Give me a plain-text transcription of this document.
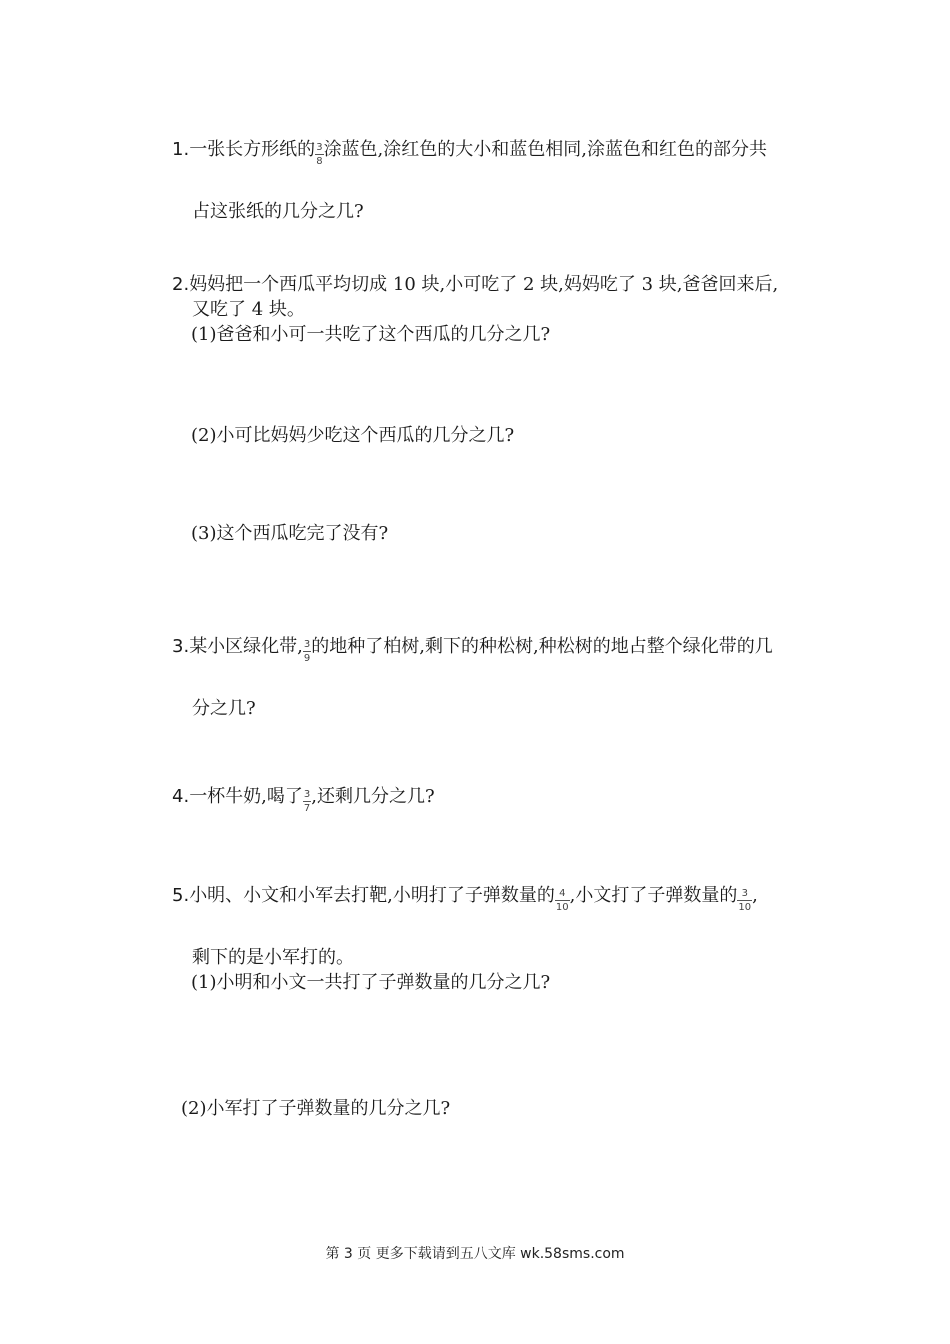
1.一张长方形纸的 $\frac{3}{8}$ 涂蓝色,涂红色的大小和蓝色相同,涂蓝色和红色的部分共
占这张纸的几分之几?
2.妈妈把一个西瓜平均切成 10 块,小可吃了 2 块,妈妈吃了 3 块,爸爸回来后,
又吃了 4 块。
(1)爸爸和小可一共吃了这个西瓜的几分之几?
(2)小可比妈妈少吃这个西瓜的几分之几?
(3)这个西瓜吃完了没有?
3.某小区绿化带, $\frac{3}{9}$ 的地种了柏树,剩下的种松树,种松树的地占整个绿化带的几
分之几?
4.一杯牛奶,喝了 $\frac{3}{7}$ ,还剩几分之几?
5.小明、小文和小军去打靶,小明打了子弹数量的 $\frac{4}{10}$ ,小文打了子弹数量的 $\frac{3}{10}$ ,
剩下的是小军打的。
(1)小明和小文一共打了子弹数量的几分之几?
(2)小军打了子弹数量的几分之几?
第 3 页 更多下载请到五八文库 wk.58sms.com
